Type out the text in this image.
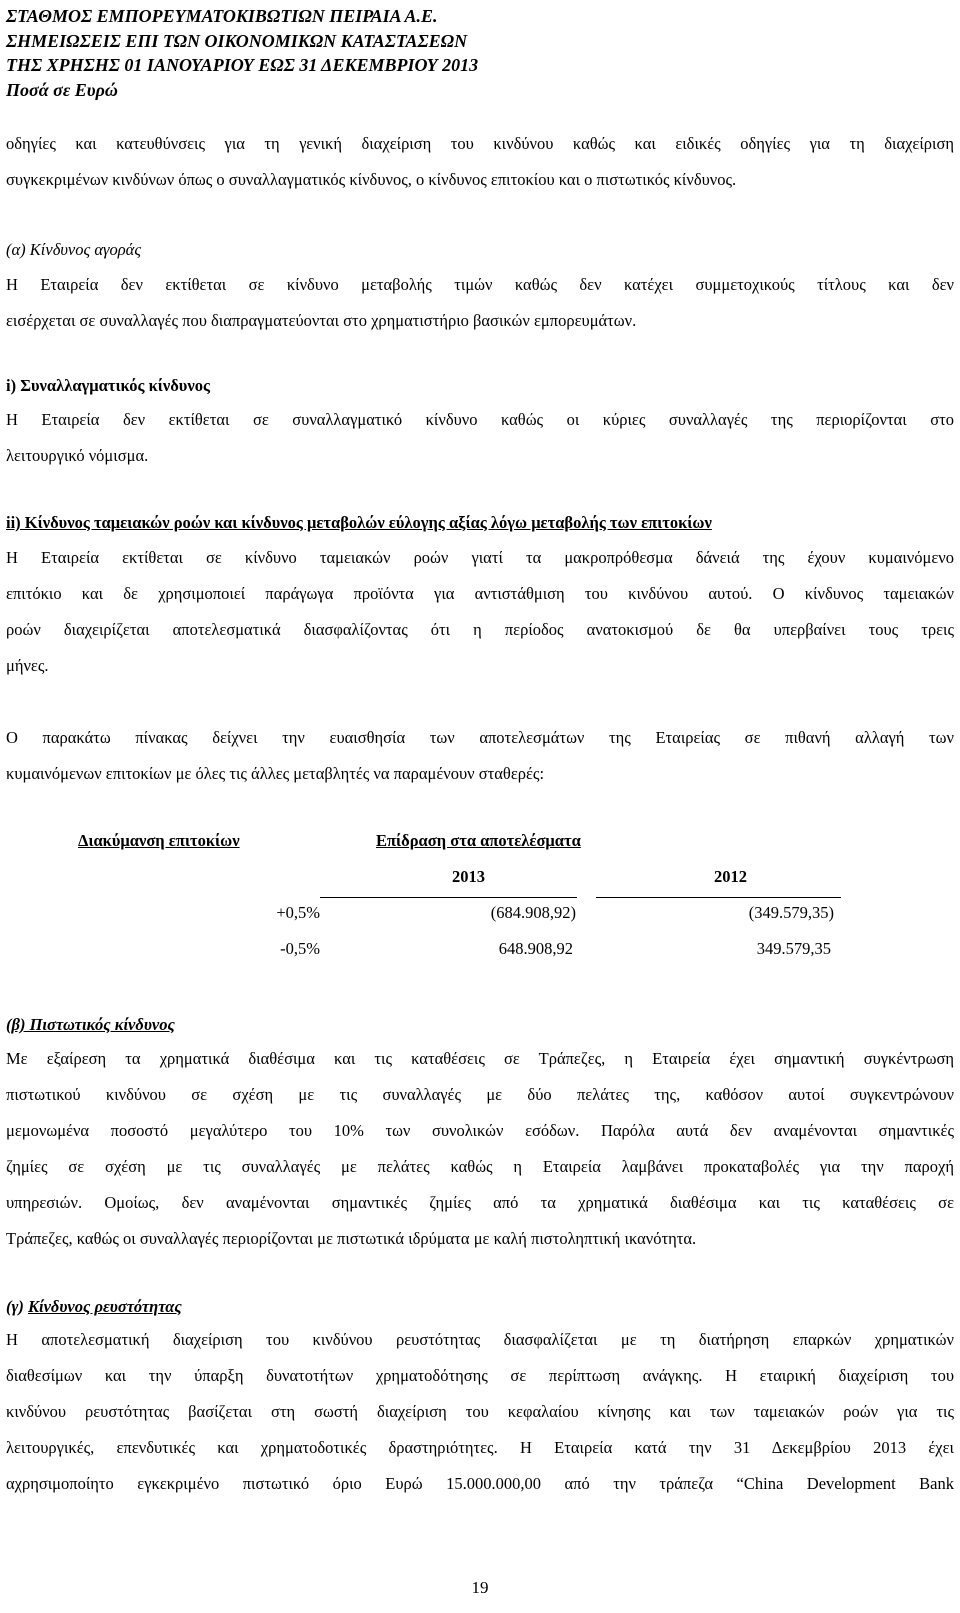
ΣΤΑΘΜΟΣ ΕΜΠΟΡΕΥΜΑΤΟΚΙΒΩΤΙΩΝ ΠΕΙΡΑΙΑ Α.Ε.
ΣΗΜΕΙΩΣΕΙΣ ΕΠΙ ΤΩΝ ΟΙΚΟΝΟΜΙΚΩΝ ΚΑΤΑΣΤΑΣΕΩΝ
ΤΗΣ ΧΡΗΣΗΣ 01 ΙΑΝΟΥΑΡΙΟΥ ΕΩΣ 31 ΔΕΚΕΜΒΡΙΟΥ 2013
Ποσά σε Ευρώ
οδηγίες και κατευθύνσεις για τη γενική διαχείριση του κινδύνου καθώς και ειδικές οδηγίες για τη διαχείριση
συγκεκριμένων κινδύνων όπως ο συναλλαγματικός κίνδυνος, ο κίνδυνος επιτοκίου και ο πιστωτικός κίνδυνος.
(α) Κίνδυνος αγοράς
Η Εταιρεία δεν εκτίθεται σε κίνδυνο μεταβολής τιμών καθώς δεν κατέχει συμμετοχικούς τίτλους και δεν
εισέρχεται σε συναλλαγές που διαπραγματεύονται στο χρηματιστήριο βασικών εμπορευμάτων.
i) Συναλλαγματικός κίνδυνος
Η Εταιρεία δεν εκτίθεται σε συναλλαγματικό κίνδυνο καθώς οι κύριες συναλλαγές της περιορίζονται στο
λειτουργικό νόμισμα.
ii) Κίνδυνος ταμειακών ροών και κίνδυνος μεταβολών εύλογης αξίας λόγω μεταβολής των επιτοκίων
Η Εταιρεία εκτίθεται σε κίνδυνο ταμειακών ροών γιατί τα μακροπρόθεσμα δάνειά της έχουν κυμαινόμενο
επιτόκιο και δε χρησιμοποιεί παράγωγα προϊόντα για αντιστάθμιση του κινδύνου αυτού. Ο κίνδυνος ταμειακών
ροών διαχειρίζεται αποτελεσματικά διασφαλίζοντας ότι η περίοδος ανατοκισμού δε θα υπερβαίνει τους τρεις
μήνες.
Ο παρακάτω πίνακας δείχνει την ευαισθησία των αποτελεσμάτων της Εταιρείας σε πιθανή αλλαγή των
κυμαινόμενων επιτοκίων με όλες τις άλλες μεταβλητές να παραμένουν σταθερές:
Διακύμανση επιτοκίων	Επίδραση στα αποτελέσματα
2013	2012
+0,5%	(684.908,92)	(349.579,35)
-0,5%	648.908,92	349.579,35
(β) Πιστωτικός κίνδυνος
Με εξαίρεση τα χρηματικά διαθέσιμα και τις καταθέσεις σε Τράπεζες, η Εταιρεία έχει σημαντική συγκέντρωση
πιστωτικού κινδύνου σε σχέση με τις συναλλαγές με δύο πελάτες της, καθόσον αυτοί συγκεντρώνουν
μεμονωμένα ποσοστό μεγαλύτερο του 10% των συνολικών εσόδων. Παρόλα αυτά δεν αναμένονται σημαντικές
ζημίες σε σχέση με τις συναλλαγές με πελάτες καθώς η Εταιρεία λαμβάνει προκαταβολές για την παροχή
υπηρεσιών. Ομοίως, δεν αναμένονται σημαντικές ζημίες από τα χρηματικά διαθέσιμα και τις καταθέσεις σε
Τράπεζες, καθώς οι συναλλαγές περιορίζονται με πιστωτικά ιδρύματα με καλή πιστοληπτική ικανότητα.
(γ) Κίνδυνος ρευστότητας
Η αποτελεσματική διαχείριση του κινδύνου ρευστότητας διασφαλίζεται με τη διατήρηση επαρκών χρηματικών
διαθεσίμων και την ύπαρξη δυνατοτήτων χρηματοδότησης σε περίπτωση ανάγκης. Η εταιρική διαχείριση του
κινδύνου ρευστότητας βασίζεται στη σωστή διαχείριση του κεφαλαίου κίνησης και των ταμειακών ροών για τις
λειτουργικές, επενδυτικές και χρηματοδοτικές δραστηριότητες. Η Εταιρεία κατά την 31 Δεκεμβρίου 2013 έχει
αχρησιμοποίητο εγκεκριμένο πιστωτικό όριο Ευρώ 15.000.000,00 από την τράπεζα “China Development Bank
19
